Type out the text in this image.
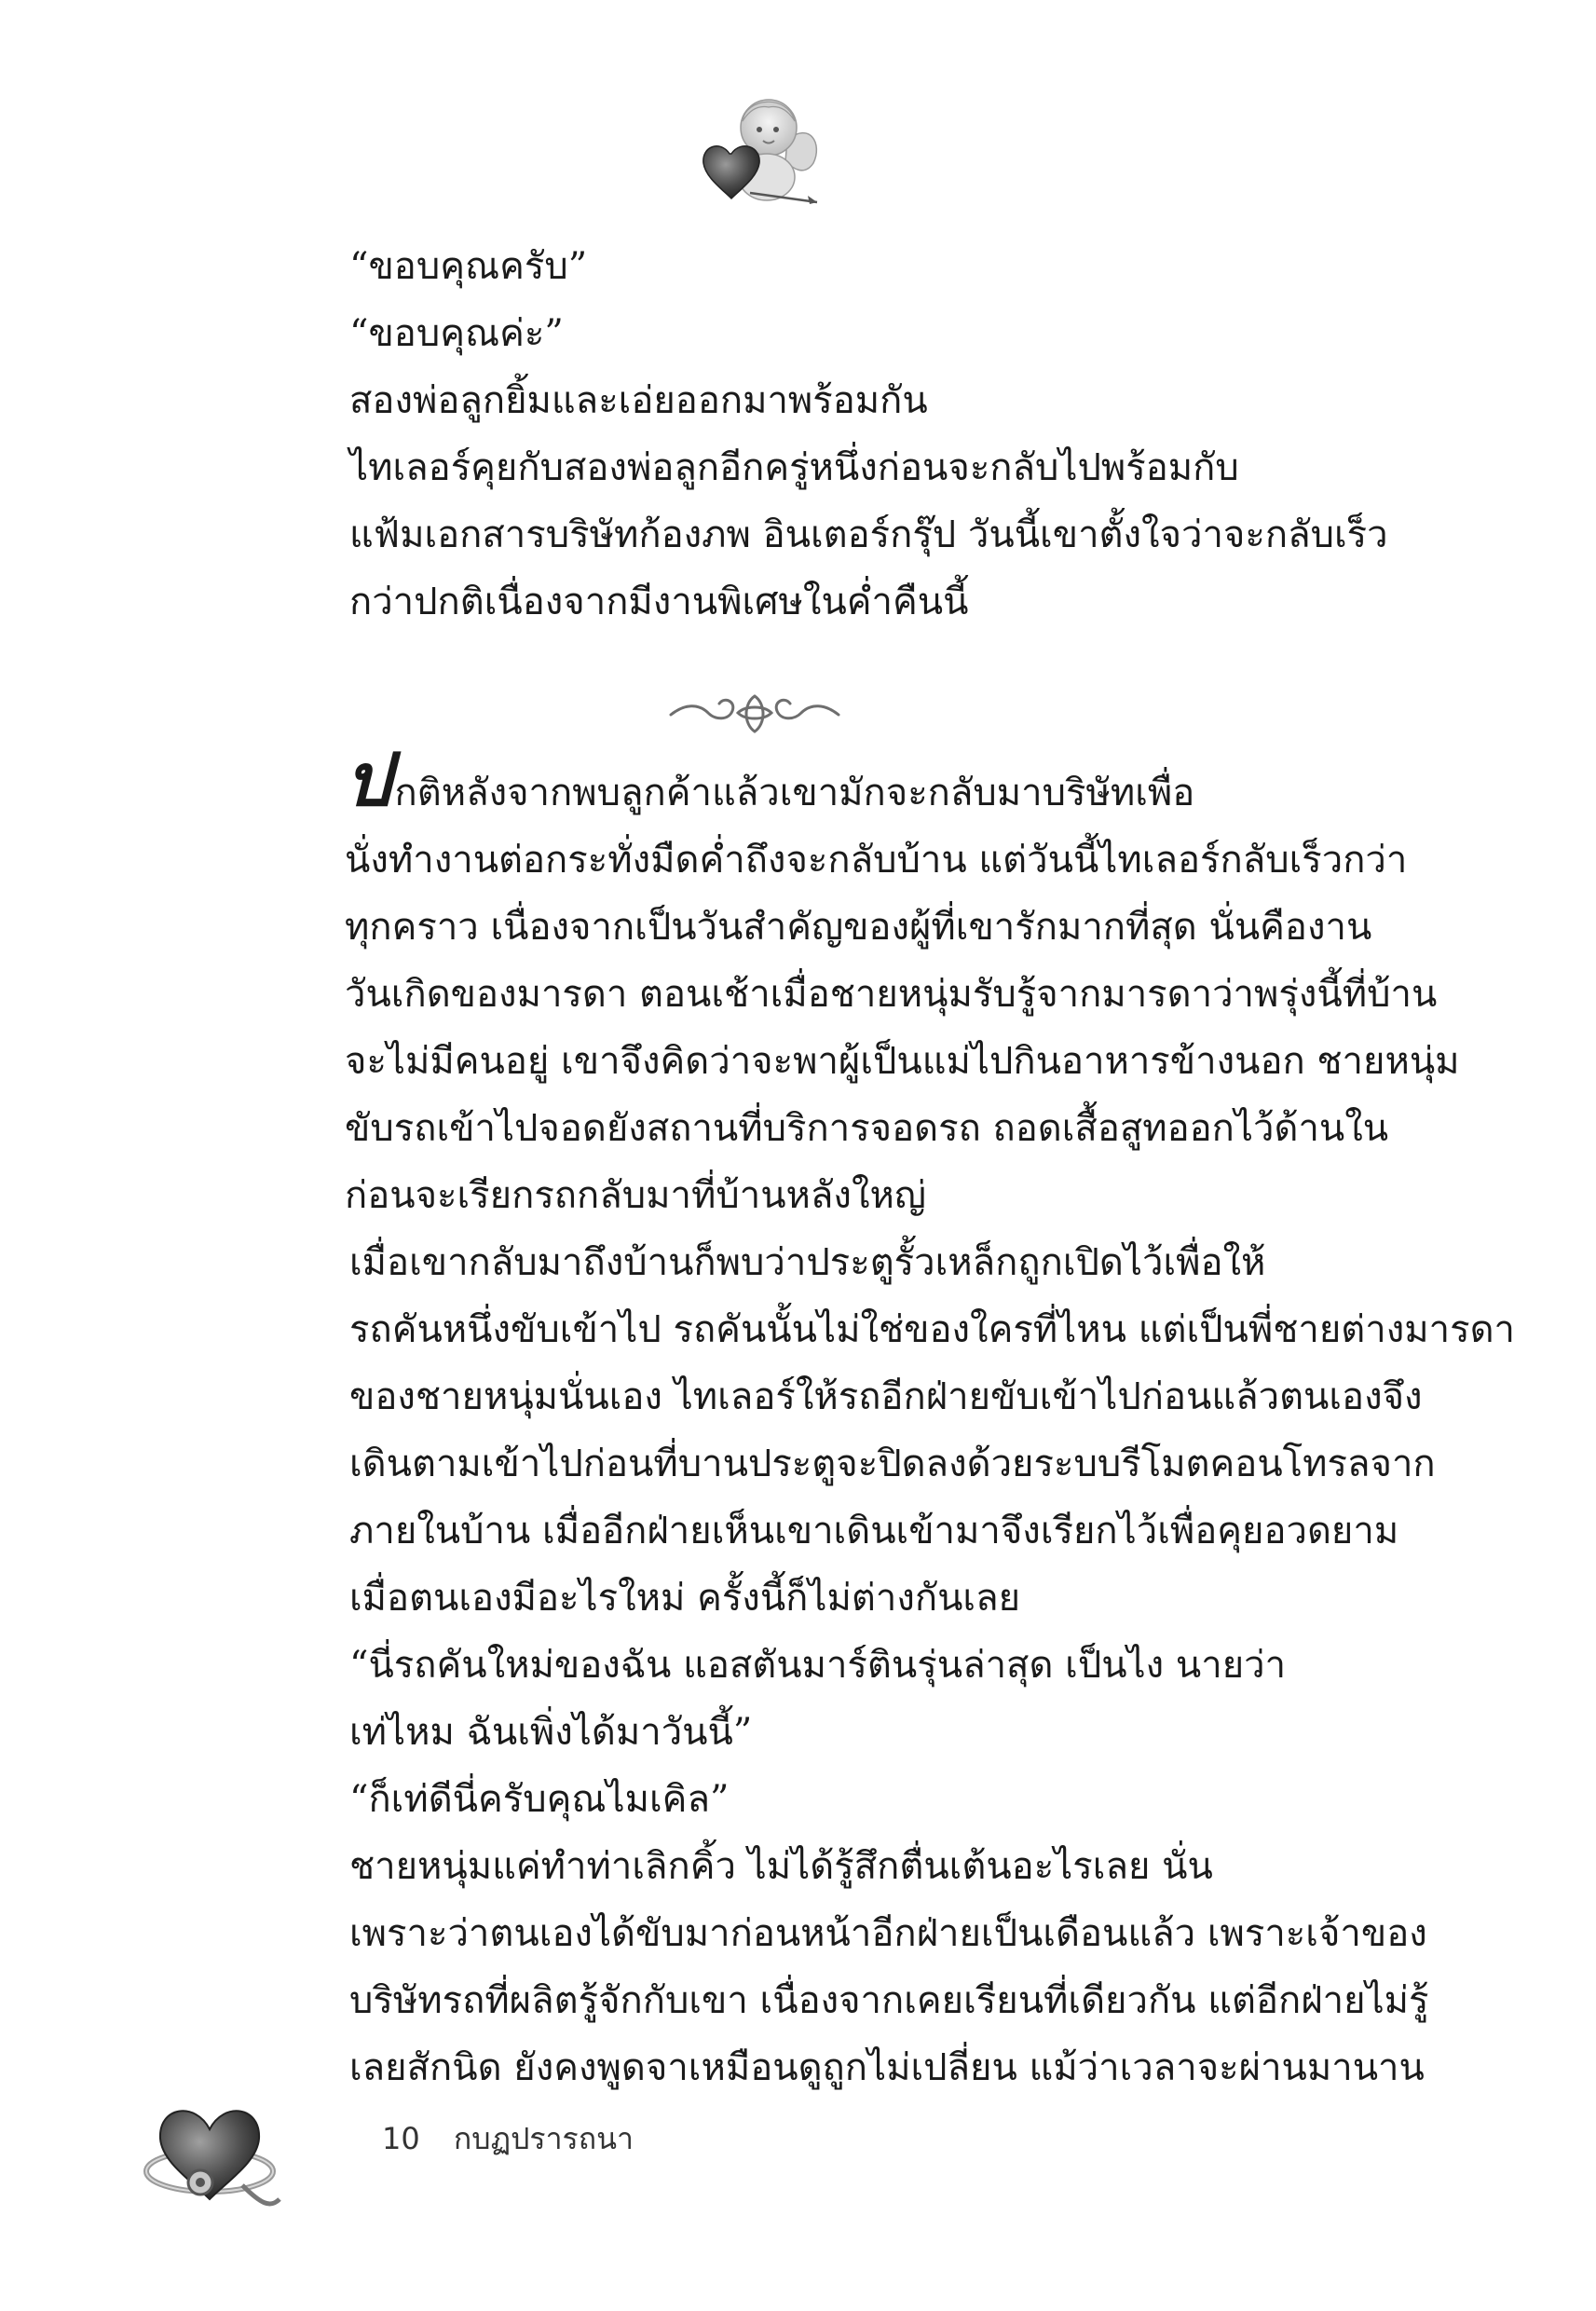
“ขอบคุณครับ”

“ขอบคุณค่ะ”

สองพ่อลูกยิ้มและเอ่ยออกมาพร้อมกัน

ไทเลอร์คุยกับสองพ่อลูกอีกครู่หนึ่งก่อนจะกลับไปพร้อมกับ
แฟ้มเอกสารบริษัทก้องภพ อินเตอร์กรุ๊ป วันนี้เขาตั้งใจว่าจะกลับเร็ว
กว่าปกติเนื่องจากมีงานพิเศษในค่ำคืนนี้

ปกติหลังจากพบลูกค้าแล้วเขามักจะกลับมาบริษัทเพื่อ
นั่งทำงานต่อกระทั่งมืดค่ำถึงจะกลับบ้าน แต่วันนี้ไทเลอร์กลับเร็วกว่า
ทุกคราว เนื่องจากเป็นวันสำคัญของผู้ที่เขารักมากที่สุด นั่นคืองาน
วันเกิดของมารดา ตอนเช้าเมื่อชายหนุ่มรับรู้จากมารดาว่าพรุ่งนี้ที่บ้าน
จะไม่มีคนอยู่ เขาจึงคิดว่าจะพาผู้เป็นแม่ไปกินอาหารข้างนอก ชายหนุ่ม
ขับรถเข้าไปจอดยังสถานที่บริการจอดรถ ถอดเสื้อสูทออกไว้ด้านใน
ก่อนจะเรียกรถกลับมาที่บ้านหลังใหญ่

เมื่อเขากลับมาถึงบ้านก็พบว่าประตูรั้วเหล็กถูกเปิดไว้เพื่อให้
รถคันหนึ่งขับเข้าไป รถคันนั้นไม่ใช่ของใครที่ไหน แต่เป็นพี่ชายต่างมารดา
ของชายหนุ่มนั่นเอง ไทเลอร์ให้รถอีกฝ่ายขับเข้าไปก่อนแล้วตนเองจึง
เดินตามเข้าไปก่อนที่บานประตูจะปิดลงด้วยระบบรีโมตคอนโทรลจาก
ภายในบ้าน เมื่ออีกฝ่ายเห็นเขาเดินเข้ามาจึงเรียกไว้เพื่อคุยอวดยาม
เมื่อตนเองมีอะไรใหม่ ครั้งนี้ก็ไม่ต่างกันเลย

“นี่รถคันใหม่ของฉัน แอสตันมาร์ตินรุ่นล่าสุด เป็นไง นายว่า
เท่ไหม ฉันเพิ่งได้มาวันนี้”

“ก็เท่ดีนี่ครับคุณไมเคิล”

ชายหนุ่มแค่ทำท่าเลิกคิ้ว ไม่ได้รู้สึกตื่นเต้นอะไรเลย นั่น
เพราะว่าตนเองได้ขับมาก่อนหน้าอีกฝ่ายเป็นเดือนแล้ว เพราะเจ้าของ
บริษัทรถที่ผลิตรู้จักกับเขา เนื่องจากเคยเรียนที่เดียวกัน แต่อีกฝ่ายไม่รู้
เลยสักนิด ยังคงพูดจาเหมือนดูถูกไม่เปลี่ยน แม้ว่าเวลาจะผ่านมานาน

10 กบฏปรารถนา
